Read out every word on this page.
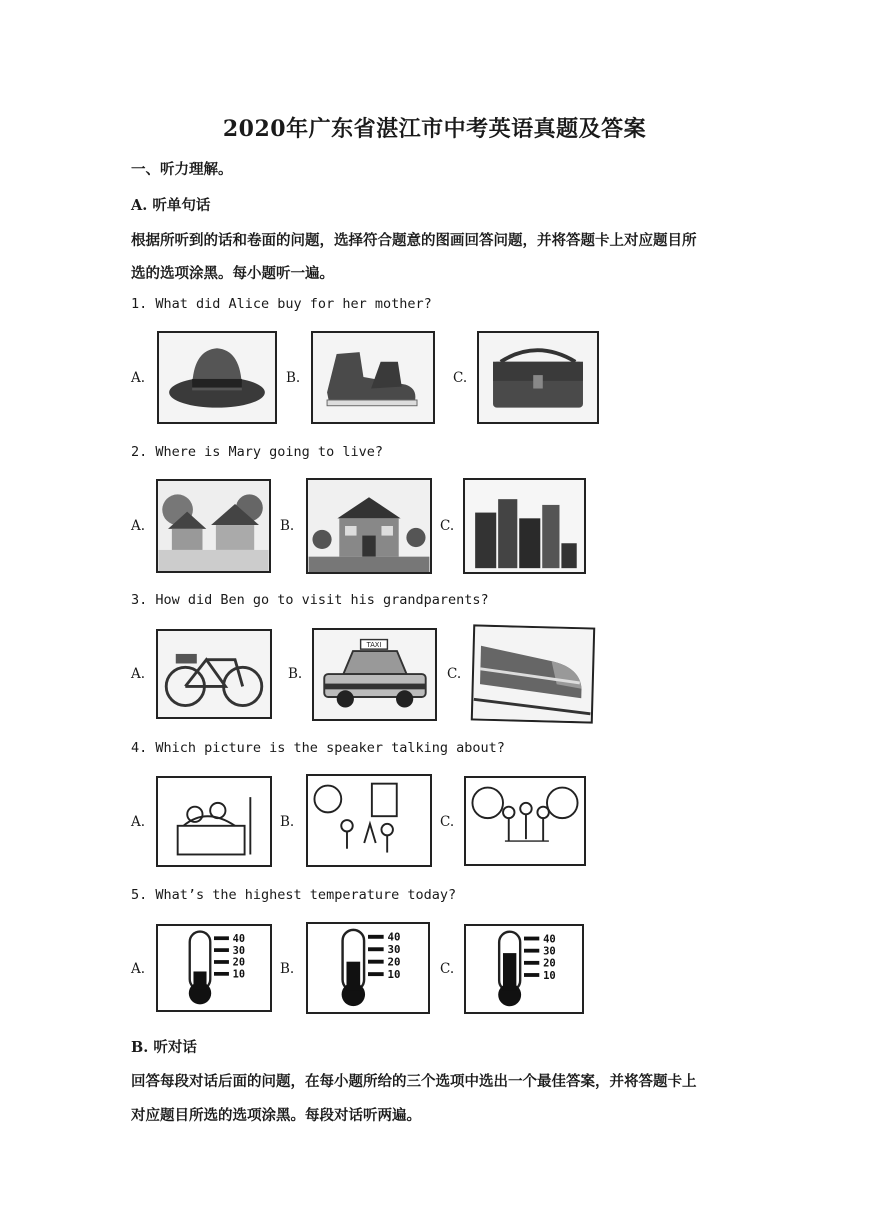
2020年广东省湛江市中考英语真题及答案
一、听力理解。
A. 听单句话
根据所听到的话和卷面的问题，选择符合题意的图画回答问题，并将答题卡上对应题目所
选的选项涂黑。每小题听一遍。
1. What did Alice buy for her mother?
A.	B.	C.
2. Where is Mary going to live?
A.	B.	C.
3. How did Ben go to visit his grandparents?
A.	B.
TAXI
C.
4. Which picture is the speaker talking about?
A.	B.	C.
5. What’s the highest temperature today?
A.
40
30
20
10	B.
40
30
20
10	C.
40
30
20
10
B. 听对话
回答每段对话后面的问题，在每小题所给的三个选项中选出一个最佳答案，并将答题卡上
对应题目所选的选项涂黑。每段对话听两遍。
